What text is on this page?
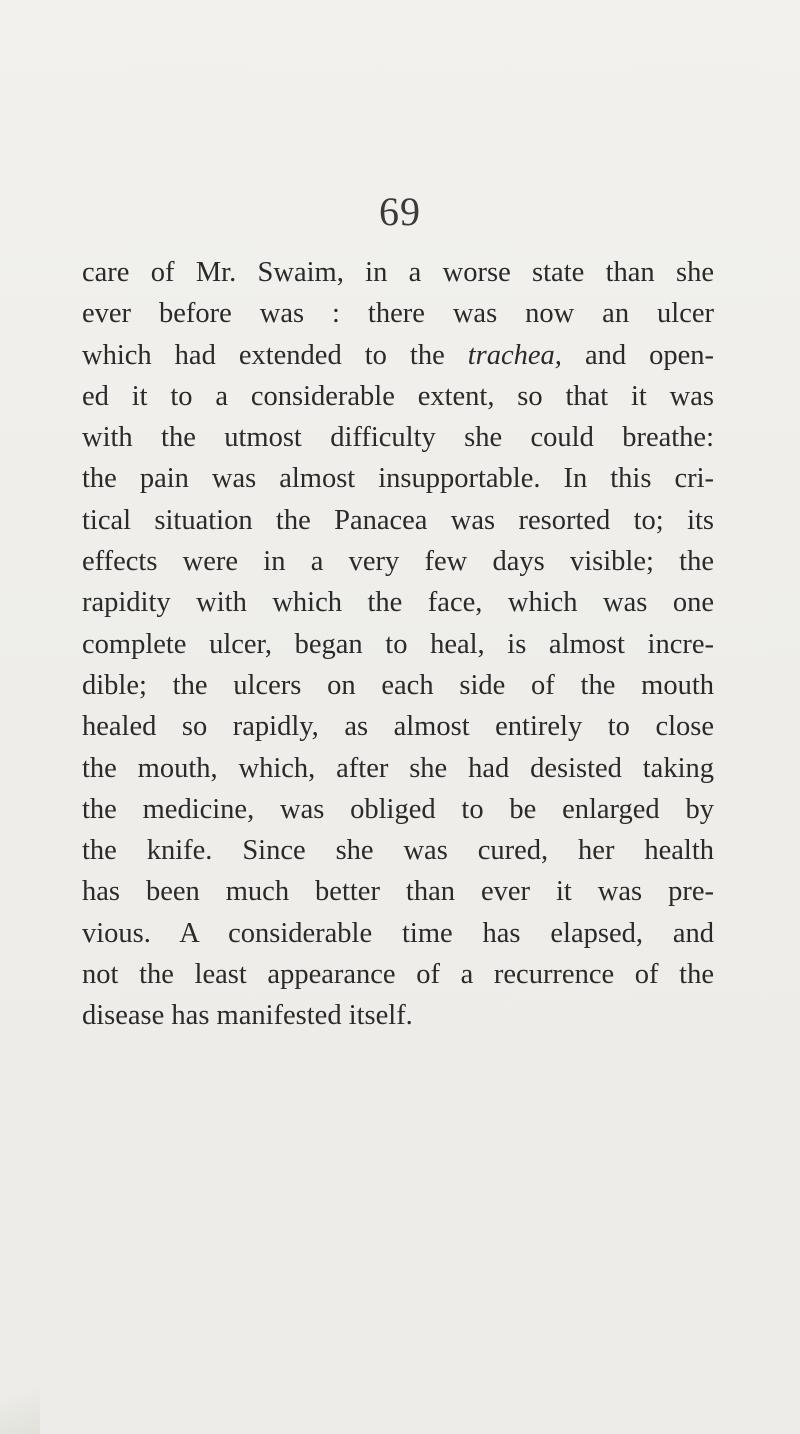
69
care of Mr. Swaim, in a worse state than she
ever before was : there was now an ulcer
which had extended to the trachea, and open-
ed it to a considerable extent, so that it was
with the utmost difficulty she could breathe:
the pain was almost insupportable. In this cri-
tical situation the Panacea was resorted to; its
effects were in a very few days visible; the
rapidity with which the face, which was one
complete ulcer, began to heal, is almost incre-
dible; the ulcers on each side of the mouth
healed so rapidly, as almost entirely to close
the mouth, which, after she had desisted taking
the medicine, was obliged to be enlarged by
the knife. Since she was cured, her health
has been much better than ever it was pre-
vious. A considerable time has elapsed, and
not the least appearance of a recurrence of the
disease has manifested itself.
